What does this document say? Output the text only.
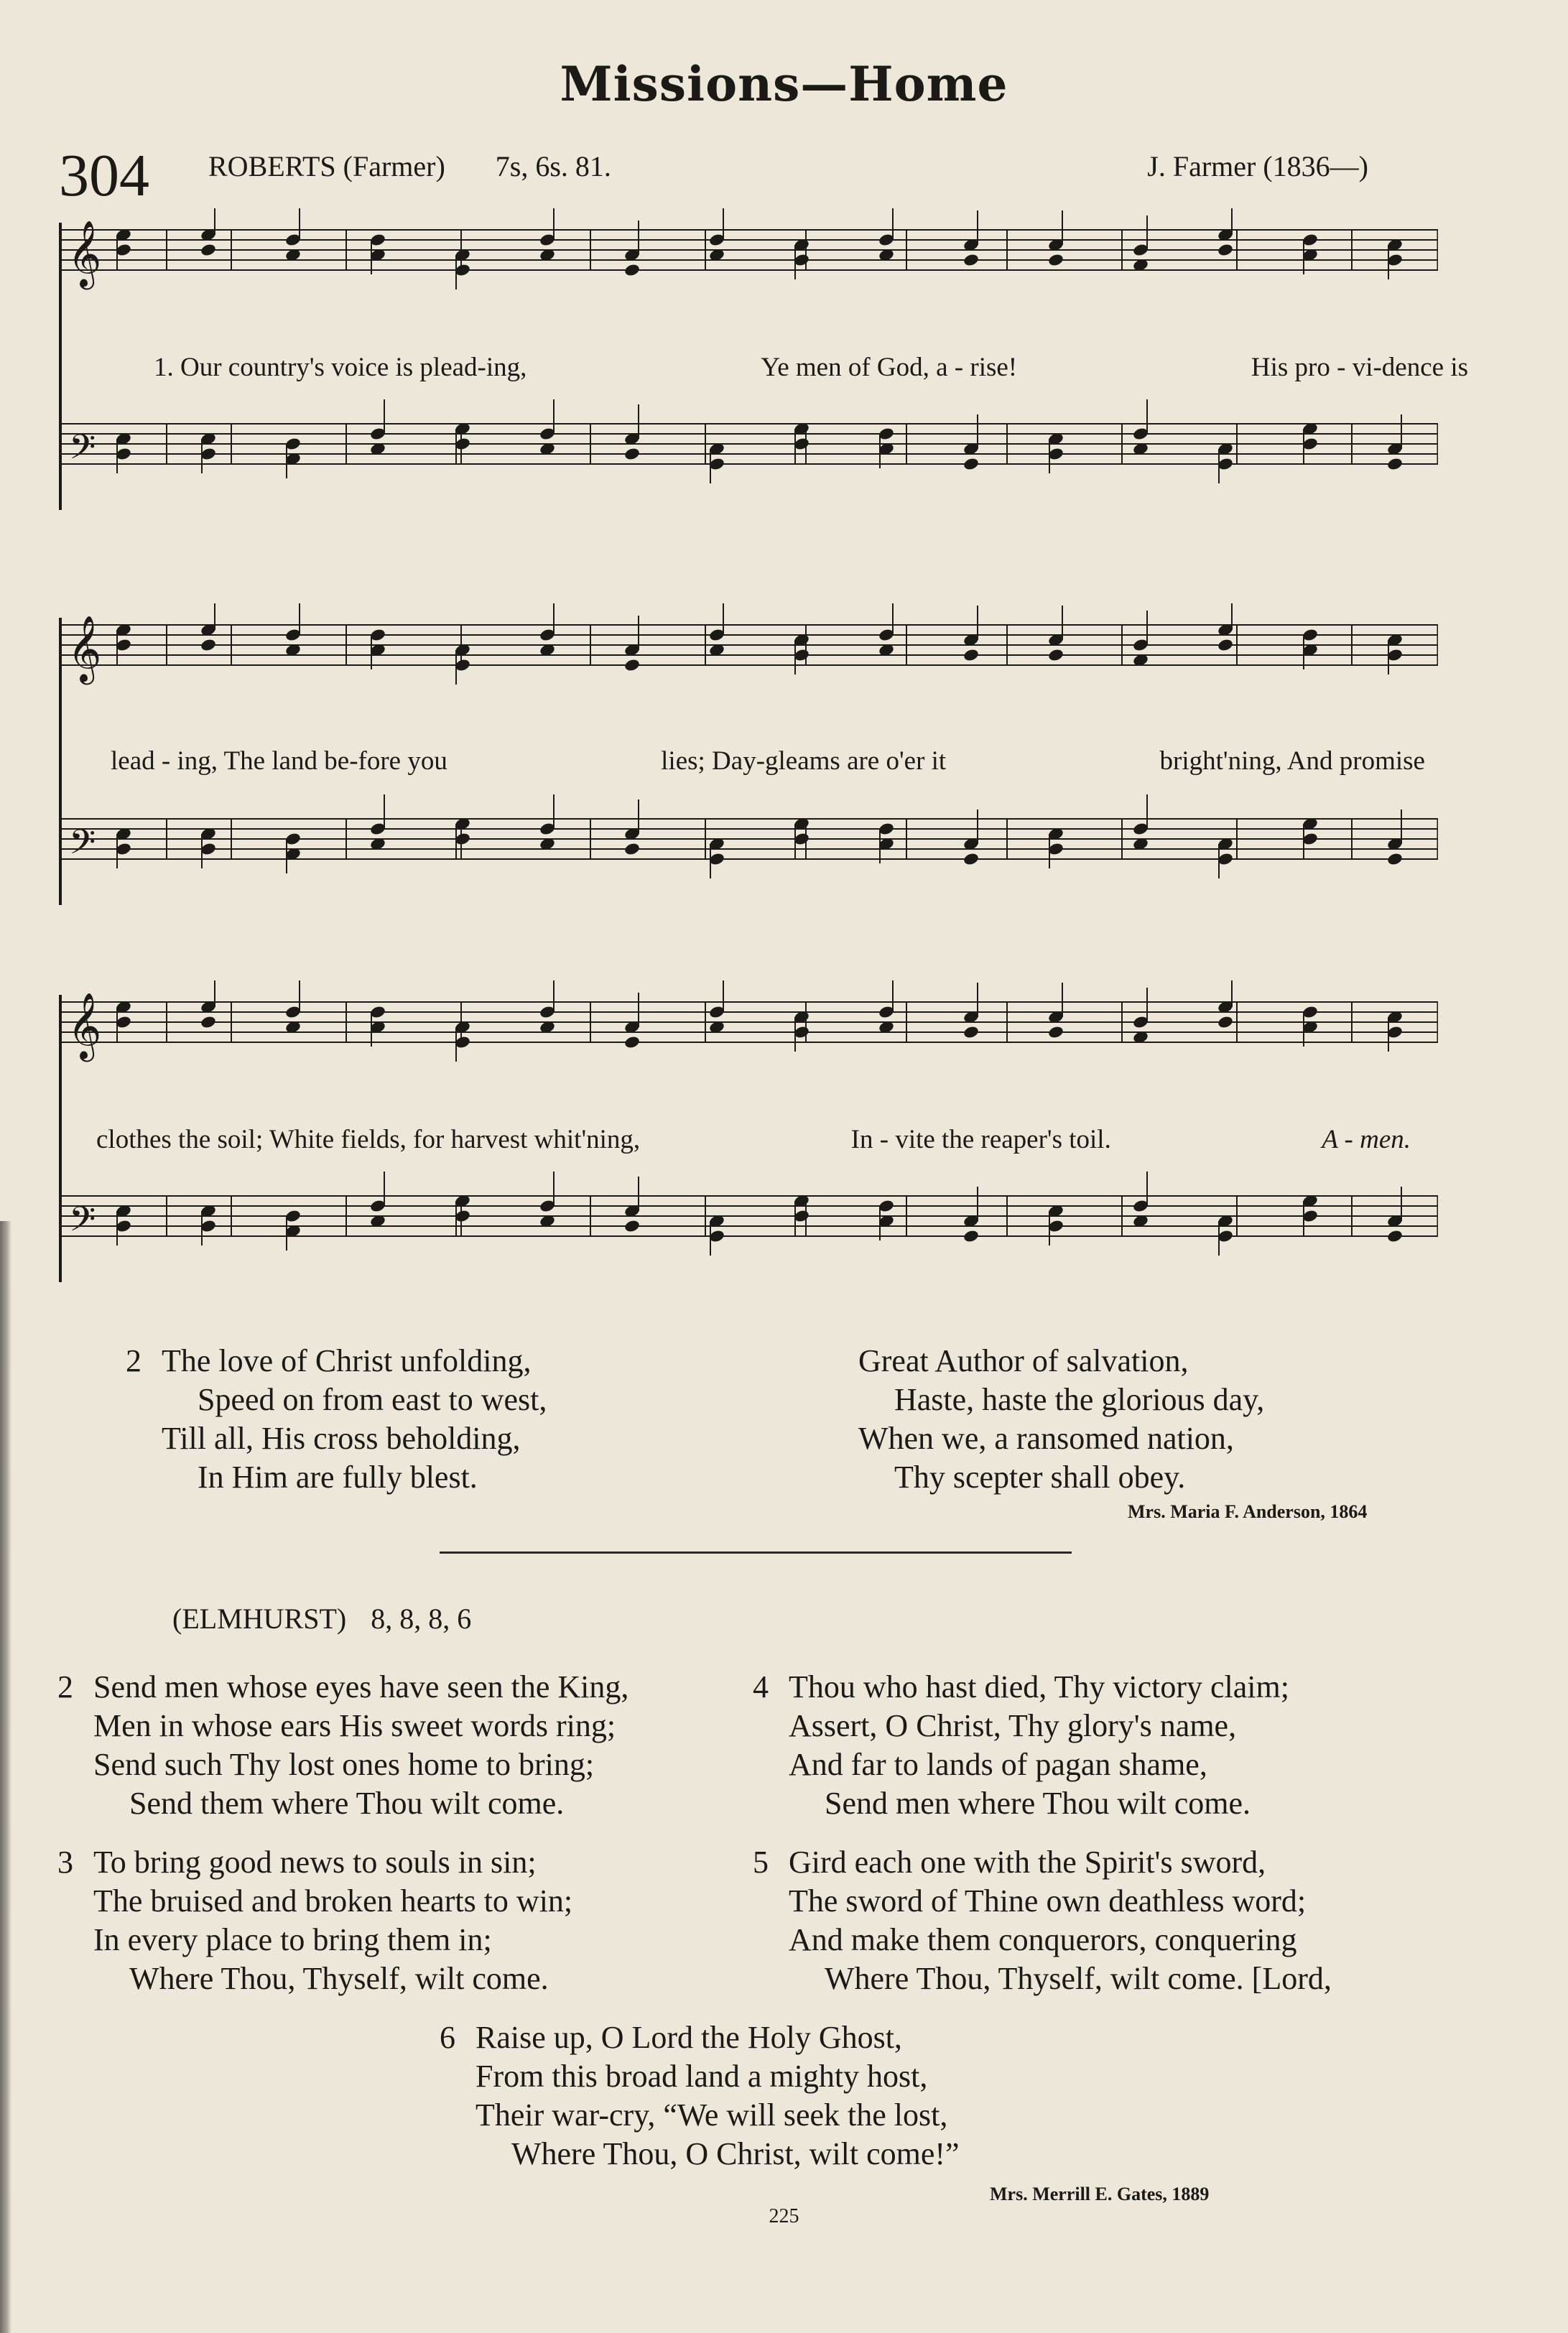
Missions—Home
304 ROBERTS (Farmer) 7s, 6s. 81.	J. Farmer (1836—)
𝄞
𝄢
1. Our country's voice is plead-ing,	Ye men of God, a - rise!	His pro - vi-dence is
𝄞
𝄢
lead - ing, The land be-fore you	lies; Day-gleams are o'er it	bright'ning, And promise
𝄞
𝄢
clothes the soil; White fields, for harvest whit'ning,	In - vite the reaper's toil.	A - men.
2 The love of Christ unfolding,
Speed on from east to west,
Till all, His cross beholding,
In Him are fully blest.
Great Author of salvation,
Haste, haste the glorious day,
When we, a ransomed nation,
Thy scepter shall obey.
Mrs. Maria F. Anderson, 1864
(ELMHURST) 8, 8, 8, 6
2 Send men whose eyes have seen the King,
Men in whose ears His sweet words ring;
Send such Thy lost ones home to bring;
Send them where Thou wilt come.
4 Thou who hast died, Thy victory claim;
Assert, O Christ, Thy glory's name,
And far to lands of pagan shame,
Send men where Thou wilt come.
3 To bring good news to souls in sin;
The bruised and broken hearts to win;
In every place to bring them in;
Where Thou, Thyself, wilt come.
5 Gird each one with the Spirit's sword,
The sword of Thine own deathless word;
And make them conquerors, conquering
Where Thou, Thyself, wilt come. [Lord,
6 Raise up, O Lord the Holy Ghost,
From this broad land a mighty host,
Their war-cry, “We will seek the lost,
Where Thou, O Christ, wilt come!”
Mrs. Merrill E. Gates, 1889
225
